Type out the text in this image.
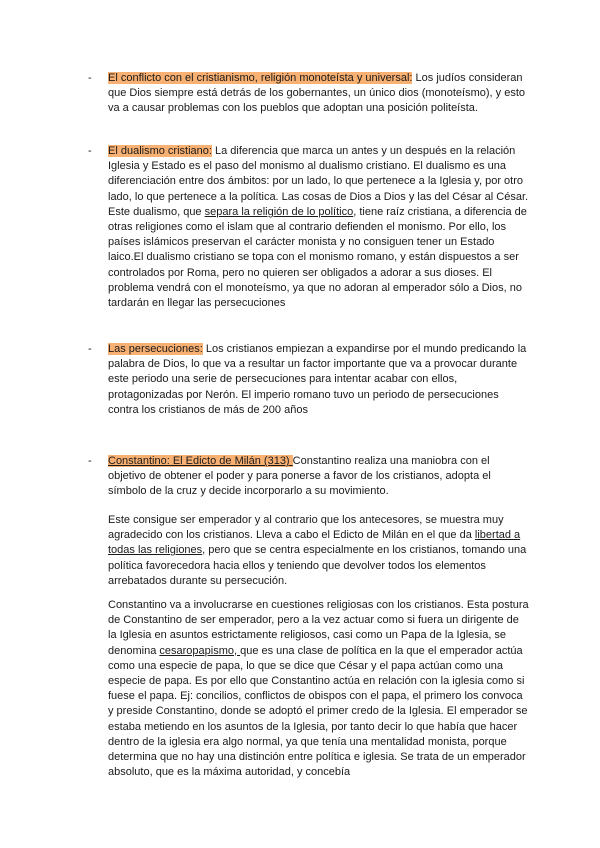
- El conflicto con el cristianismo, religión monoteísta y universal: Los judíos consideran que Dios siempre está detrás de los gobernantes, un único dios (monoteísmo), y esto va a causar problemas con los pueblos que adoptan una posición politeísta.

- El dualismo cristiano: La diferencia que marca un antes y un después en la relación Iglesia y Estado es el paso del monismo al dualismo cristiano. El dualismo es una diferenciación entre dos ámbitos: por un lado, lo que pertenece a la Iglesia y, por otro lado, lo que pertenece a la política. Las cosas de Dios a Dios y las del César al César. Este dualismo, que separa la religión de lo político, tiene raíz cristiana, a diferencia de otras religiones como el islam que al contrario defienden el monismo. Por ello, los países islámicos preservan el carácter monista y no consiguen tener un Estado laico.El dualismo cristiano se topa con el monismo romano, y están dispuestos a ser controlados por Roma, pero no quieren ser obligados a adorar a sus dioses. El problema vendrá con el monoteísmo, ya que no adoran al emperador sólo a Dios, no tardarán en llegar las persecuciones

- Las persecuciones: Los cristianos empiezan a expandirse por el mundo predicando la palabra de Dios, lo que va a resultar un factor importante que va a provocar durante este periodo una serie de persecuciones para intentar acabar con ellos, protagonizadas por Nerón. El imperio romano tuvo un periodo de persecuciones contra los cristianos de más de 200 años

- Constantino: El Edicto de Milán (313) Constantino realiza una maniobra con el objetivo de obtener el poder y para ponerse a favor de los cristianos, adopta el símbolo de la cruz y decide incorporarlo a su movimiento.

Este consigue ser emperador y al contrario que los antecesores, se muestra muy agradecido con los cristianos. Lleva a cabo el Edicto de Milán en el que da libertad a todas las religiones, pero que se centra especialmente en los cristianos, tomando una política favorecedora hacia ellos y teniendo que devolver todos los elementos arrebatados durante su persecución.

Constantino va a involucrarse en cuestiones religiosas con los cristianos. Esta postura de Constantino de ser emperador, pero a la vez actuar como si fuera un dirigente de la Iglesia en asuntos estrictamente religiosos, casi como un Papa de la Iglesia, se denomina cesaropapismo, que es una clase de política en la que el emperador actúa como una especie de papa, lo que se dice que César y el papa actúan como una especie de papa. Es por ello que Constantino actúa en relación con la iglesia como si fuese el papa. Ej: concilios, conflictos de obispos con el papa, el primero los convoca y preside Constantino, donde se adoptó el primer credo de la Iglesia. El emperador se estaba metiendo en los asuntos de la Iglesia, por tanto decir lo que había que hacer dentro de la iglesia era algo normal, ya que tenía una mentalidad monista, porque determina que no hay una distinción entre política e iglesia. Se trata de un emperador absoluto, que es la máxima autoridad, y concebía
